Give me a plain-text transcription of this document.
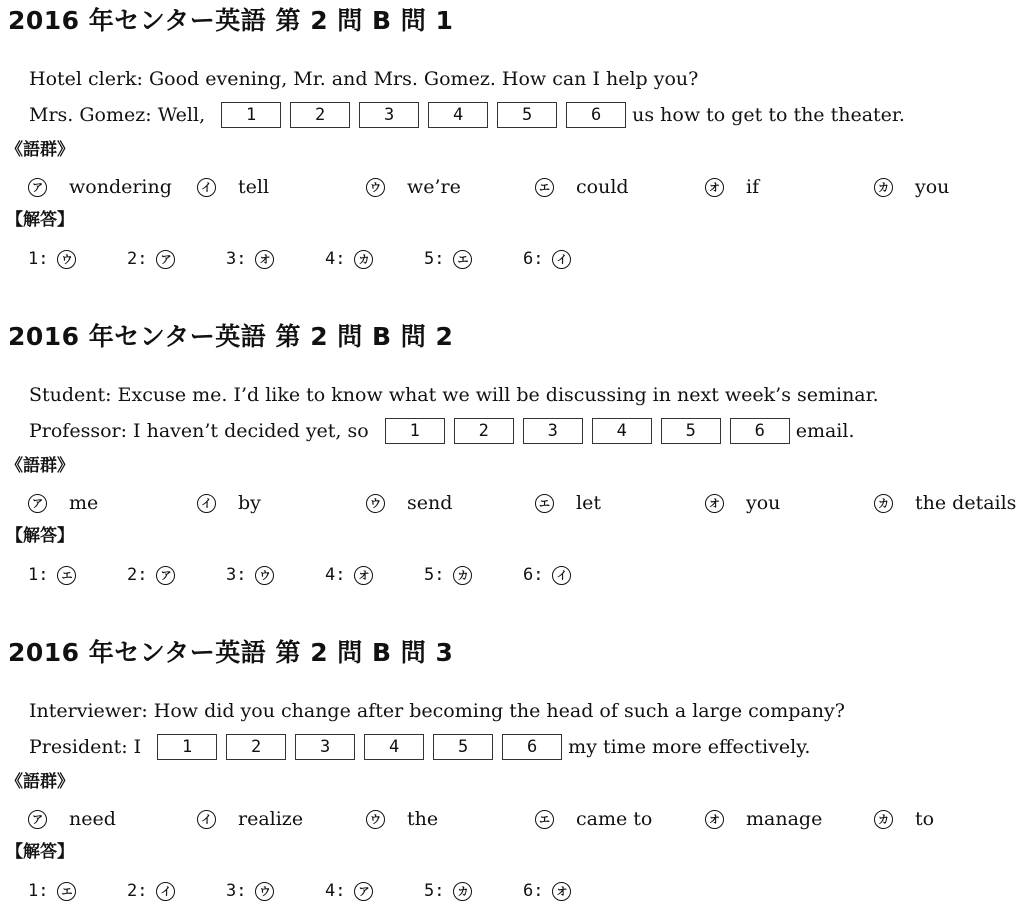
2016 年センター英語 第 2 問 B 問 1
Hotel clerk: Good evening, Mr. and Mrs. Gomez. How can I help you?
Mrs. Gomez: Well,	1	2	3	4	5	6	us how to get to the theater.
《語群》
ア wondering	イ tell	ウ we’re	エ could	オ if	カ you
【解答】
1:	ウ	2:	ア	3:	オ	4:	カ	5:	エ	6:	イ
2016 年センター英語 第 2 問 B 問 2
Student: Excuse me. I’d like to know what we will be discussing in next week’s seminar.
Professor: I haven’t decided yet, so	1	2	3	4	5	6	email.
《語群》
ア me	イ by	ウ send	エ let	オ you	カ the details
【解答】
1:	エ	2:	ア	3:	ウ	4:	オ	5:	カ	6:	イ
2016 年センター英語 第 2 問 B 問 3
Interviewer: How did you change after becoming the head of such a large company?
President: I	1	2	3	4	5	6	my time more effectively.
《語群》
ア need	イ realize	ウ the	エ came to	オ manage	カ to
【解答】
1:	エ	2:	イ	3:	ウ	4:	ア	5:	カ	6:	オ
